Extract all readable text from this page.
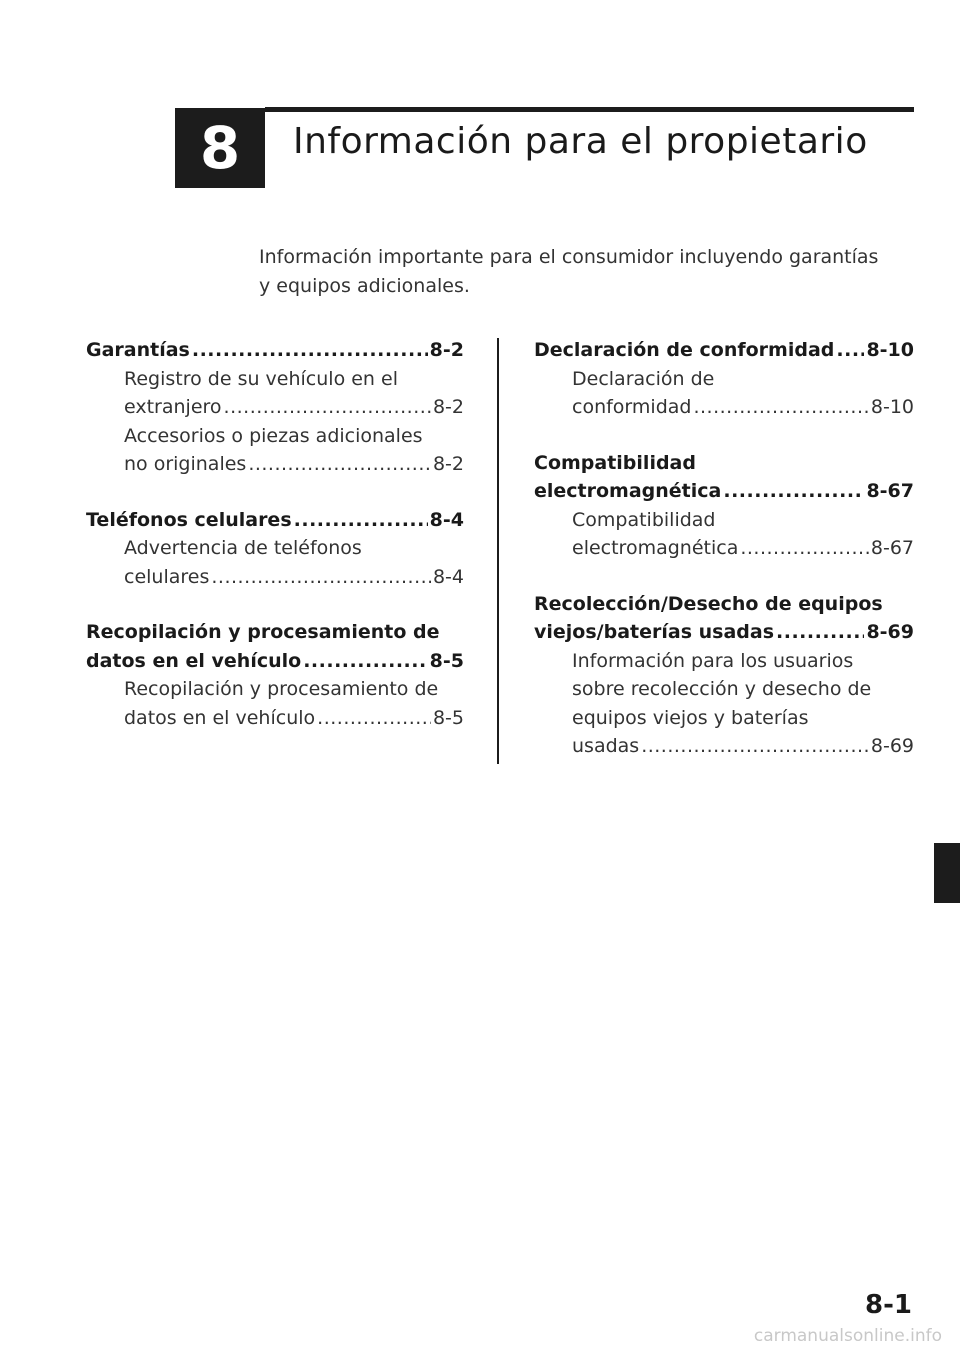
8 Información para el propietario
Información importante para el consumidor incluyendo garantías
y equipos adicionales.
Garantías .....	8-2
Registro de su vehículo en el
extranjero .....	8-2
Accesorios o piezas adicionales
no originales .....	8-2
Teléfonos celulares .....	8-4
Advertencia de teléfonos
celulares .....	8-4
Recopilación y procesamiento de
datos en el vehículo .....	8-5
Recopilación y procesamiento de
datos en el vehículo .....	8-5
Declaración de conformidad ..... 8-10
Declaración de
conformidad .....	8-10
Compatibilidad
electromagnética .....	8-67
Compatibilidad
electromagnética .....	8-67
Recolección/Desecho de equipos
viejos/baterías usadas .....	8-69
Información para los usuarios
sobre recolección y desecho de
equipos viejos y baterías
usadas .....	8-69
8-1
carmanualsonline.info
